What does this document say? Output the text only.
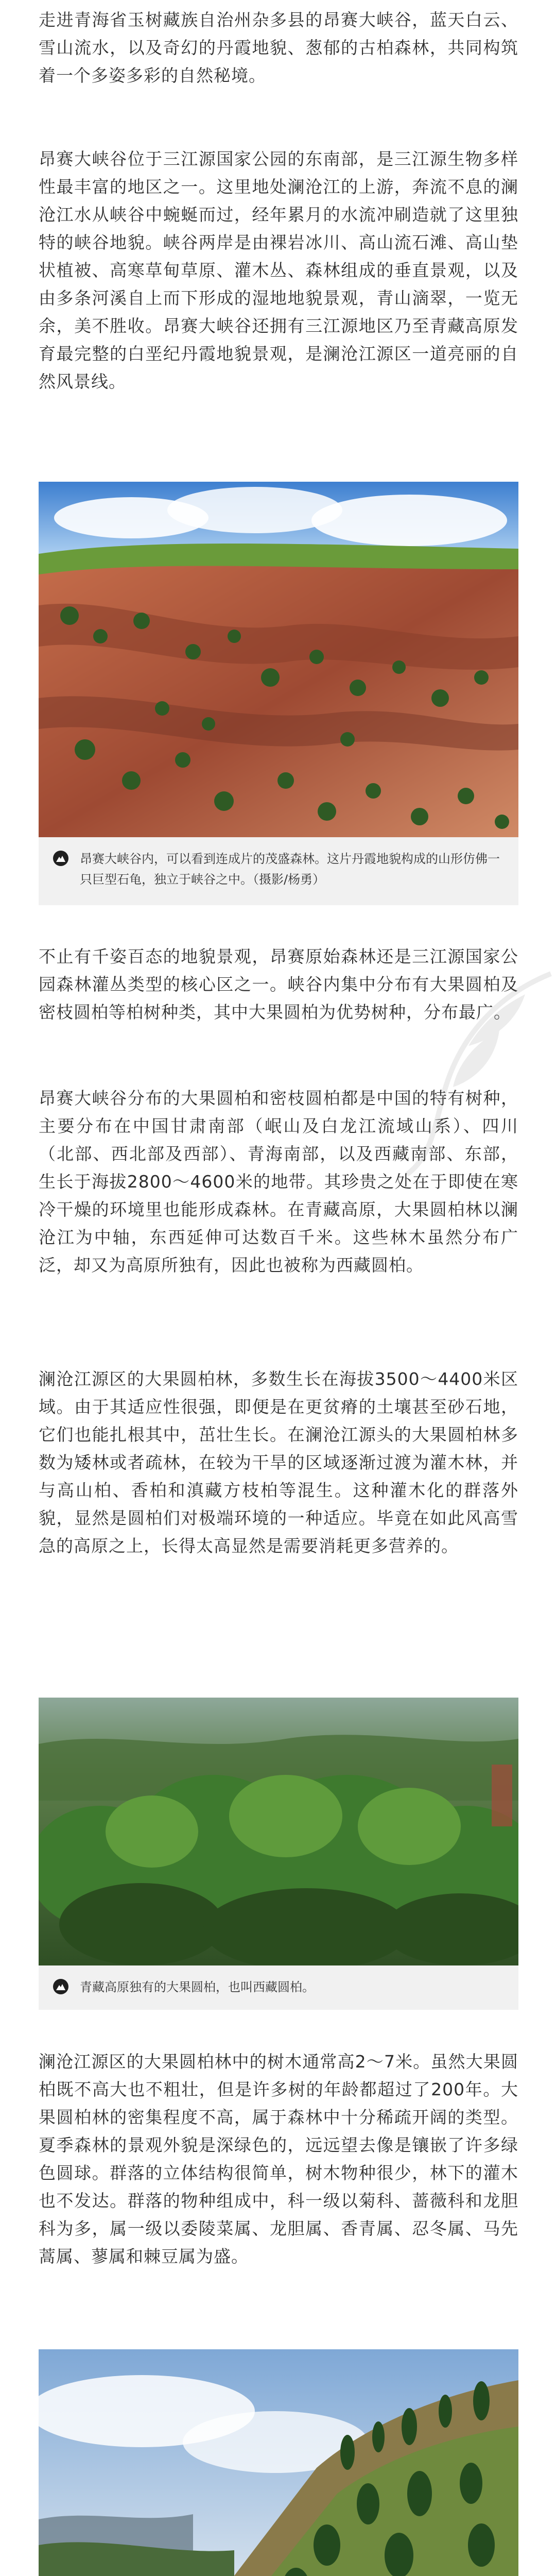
走进青海省玉树藏族自治州杂多县的昂赛大峡谷，蓝天白云、雪山流水，以及奇幻的丹霞地貌、葱郁的古柏森林，共同构筑着一个多姿多彩的自然秘境。

昂赛大峡谷位于三江源国家公园的东南部，是三江源生物多样性最丰富的地区之一。这里地处澜沧江的上游，奔流不息的澜沧江水从峡谷中蜿蜒而过，经年累月的水流冲刷造就了这里独特的峡谷地貌。峡谷两岸是由裸岩冰川、高山流石滩、高山垫状植被、高寒草甸草原、灌木丛、森林组成的垂直景观，以及由多条河溪自上而下形成的湿地地貌景观，青山滴翠，一览无余，美不胜收。昂赛大峡谷还拥有三江源地区乃至青藏高原发育最完整的白垩纪丹霞地貌景观，是澜沧江源区一道亮丽的自然风景线。

昂赛大峡谷内，可以看到连成片的茂盛森林。这片丹霞地貌构成的山形仿佛一只巨型石龟，独立于峡谷之中。（摄影/杨勇）

不止有千姿百态的地貌景观，昂赛原始森林还是三江源国家公园森林灌丛类型的核心区之一。峡谷内集中分布有大果圆柏及密枝圆柏等柏树种类，其中大果圆柏为优势树种，分布最广。

昂赛大峡谷分布的大果圆柏和密枝圆柏都是中国的特有树种，主要分布在中国甘肃南部（岷山及白龙江流域山系）、四川（北部、西北部及西部）、青海南部，以及西藏南部、东部，生长于海拔2800～4600米的地带。其珍贵之处在于即使在寒冷干燥的环境里也能形成森林。在青藏高原，大果圆柏林以澜沧江为中轴，东西延伸可达数百千米。这些林木虽然分布广泛，却又为高原所独有，因此也被称为西藏圆柏。

澜沧江源区的大果圆柏林，多数生长在海拔3500～4400米区域。由于其适应性很强，即便是在更贫瘠的土壤甚至砂石地，它们也能扎根其中，茁壮生长。在澜沧江源头的大果圆柏林多数为矮林或者疏林，在较为干旱的区域逐渐过渡为灌木林，并与高山柏、香柏和滇藏方枝柏等混生。这种灌木化的群落外貌，显然是圆柏们对极端环境的一种适应。毕竟在如此风高雪急的高原之上，长得太高显然是需要消耗更多营养的。

青藏高原独有的大果圆柏，也叫西藏圆柏。

澜沧江源区的大果圆柏林中的树木通常高2～7米。虽然大果圆柏既不高大也不粗壮，但是许多树的年龄都超过了200年。大果圆柏林的密集程度不高，属于森林中十分稀疏开阔的类型。夏季森林的景观外貌是深绿色的，远远望去像是镶嵌了许多绿色圆球。群落的立体结构很简单，树木物种很少，林下的灌木也不发达。群落的物种组成中，科一级以菊科、蔷薇科和龙胆科为多，属一级以委陵菜属、龙胆属、香青属、忍冬属、马先蒿属、蓼属和棘豆属为盛。
